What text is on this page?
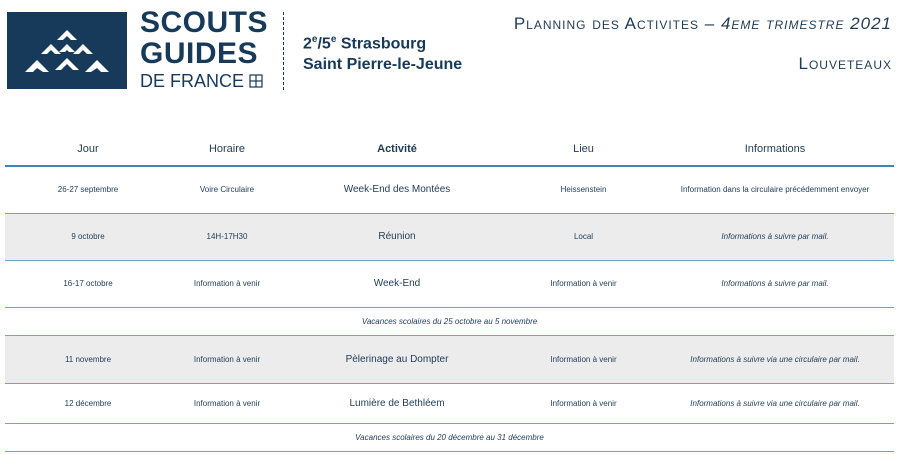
SCOUTS
GUIDES
DE FRANCE
2e/5e Strasbourg
Saint Pierre-le-Jeune
Planning des Activites – 4eme trimestre 2021
Louveteaux
Jour	Horaire	Activité	Lieu	Informations
26-27 septembre	Voire Circulaire	Week-End des Montées	Heissenstein	Information dans la circulaire précédemment envoyer
9 octobre	14H-17H30	Réunion	Local	Informations à suivre par mail.
16-17 octobre	Information à venir	Week-End	Information à venir	Informations à suivre par mail.
Vacances scolaires du 25 octobre au 5 novembre				
11 novembre	Information à venir	Pèlerinage au Dompter	Information à venir	Informations à suivre via une circulaire par mail.
12 décembre	Information à venir	Lumière de Bethléem	Information à venir	Informations à suivre via une circulaire par mail.
Vacances scolaires du 20 décembre au 31 décembre				
